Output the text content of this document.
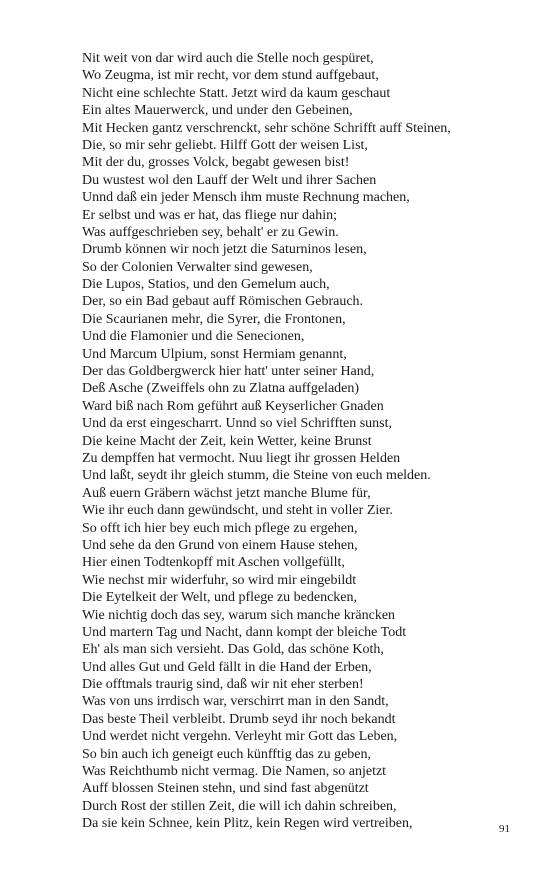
Nit weit von dar wird auch die Stelle noch gespüret,
Wo Zeugma, ist mir recht, vor dem stund auffgebaut,
Nicht eine schlechte Statt. Jetzt wird da kaum geschaut
Ein altes Mauerwerck, und under den Gebeinen,
Mit Hecken gantz verschrenckt, sehr schöne Schrifft auff Steinen,
Die, so mir sehr geliebt. Hilff Gott der weisen List,
Mit der du, grosses Volck, begabt gewesen bist!
Du wustest wol den Lauff der Welt und ihrer Sachen
Unnd daß ein jeder Mensch ihm muste Rechnung machen,
Er selbst und was er hat, das fliege nur dahin;
Was auffgeschrieben sey, behalt' er zu Gewin.
Drumb können wir noch jetzt die Saturninos lesen,
So der Colonien Verwalter sind gewesen,
Die Lupos, Statios, und den Gemelum auch,
Der, so ein Bad gebaut auff Römischen Gebrauch.
Die Scaurianen mehr, die Syrer, die Frontonen,
Und die Flamonier und die Senecionen,
Und Marcum Ulpium, sonst Hermiam genannt,
Der das Goldbergwerck hier hatt' unter seiner Hand,
Deß Asche (Zweiffels ohn zu Zlatna auffgeladen)
Ward biß nach Rom geführt auß Keyserlicher Gnaden
Und da erst eingescharrt. Unnd so viel Schrifften sunst,
Die keine Macht der Zeit, kein Wetter, keine Brunst
Zu dempffen hat vermocht. Nuu liegt ihr grossen Helden
Und laßt, seydt ihr gleich stumm, die Steine von euch melden.
Auß euern Gräbern wächst jetzt manche Blume für,
Wie ihr euch dann gewündscht, und steht in voller Zier.
So offt ich hier bey euch mich pflege zu ergehen,
Und sehe da den Grund von einem Hause stehen,
Hier einen Todtenkopff mit Aschen vollgefüllt,
Wie nechst mir widerfuhr, so wird mir eingebildt
Die Eytelkeit der Welt, und pflege zu bedencken,
Wie nichtig doch das sey, warum sich manche kräncken
Und martern Tag und Nacht, dann kompt der bleiche Todt
Eh' als man sich versieht. Das Gold, das schöne Koth,
Und alles Gut und Geld fällt in die Hand der Erben,
Die offtmals traurig sind, daß wir nit eher sterben!
Was von uns irrdisch war, verschirrt man in den Sandt,
Das beste Theil verbleibt. Drumb seyd ihr noch bekandt
Und werdet nicht vergehn. Verleyht mir Gott das Leben,
So bin auch ich geneigt euch künfftig das zu geben,
Was Reichthumb nicht vermag. Die Namen, so anjetzt
Auff blossen Steinen stehn, und sind fast abgenützt
Durch Rost der stillen Zeit, die will ich dahin schreiben,
Da sie kein Schnee, kein Plitz, kein Regen wird vertreiben,	91
